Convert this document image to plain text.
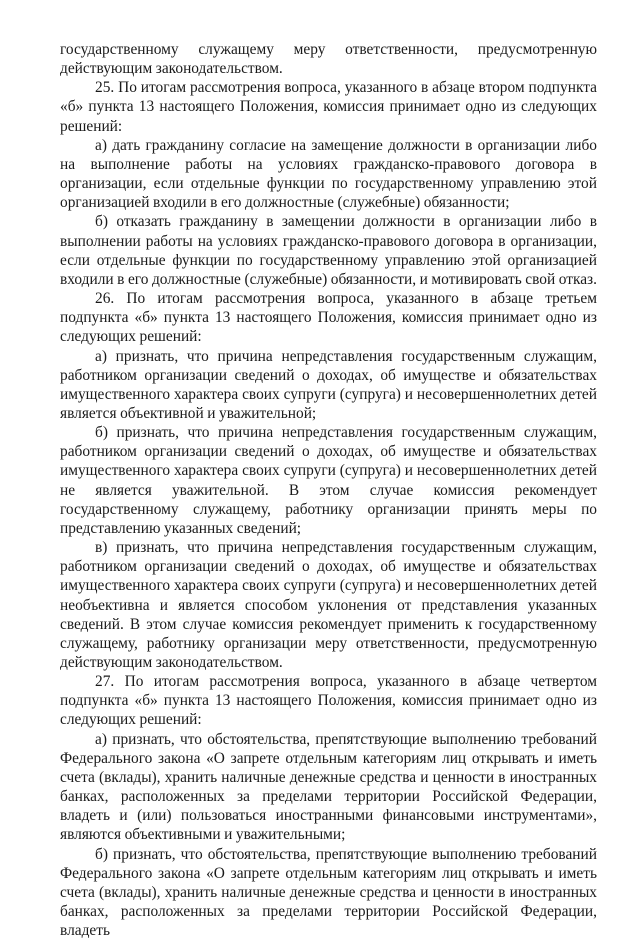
государственному служащему меру ответственности, предусмотренную действующим законодательством.

25. По итогам рассмотрения вопроса, указанного в абзаце втором подпункта «б» пункта 13 настоящего Положения, комиссия принимает одно из следующих решений:

а) дать гражданину согласие на замещение должности в организации либо на выполнение работы на условиях гражданско-правового договора в организации, если отдельные функции по государственному управлению этой организацией входили в его должностные (служебные) обязанности;

б) отказать гражданину в замещении должности в организации либо в выполнении работы на условиях гражданско-правового договора в организации, если отдельные функции по государственному управлению этой организацией входили в его должностные (служебные) обязанности, и мотивировать свой отказ.

26. По итогам рассмотрения вопроса, указанного в абзаце третьем подпункта «б» пункта 13 настоящего Положения, комиссия принимает одно из следующих решений:

а) признать, что причина непредставления государственным служащим, работником организации сведений о доходах, об имуществе и обязательствах имущественного характера своих супруги (супруга) и несовершеннолетних детей является объективной и уважительной;

б) признать, что причина непредставления государственным служащим, работником организации сведений о доходах, об имуществе и обязательствах имущественного характера своих супруги (супруга) и несовершеннолетних детей не является уважительной. В этом случае комиссия рекомендует государственному служащему, работнику организации принять меры по представлению указанных сведений;

в) признать, что причина непредставления государственным служащим, работником организации сведений о доходах, об имуществе и обязательствах имущественного характера своих супруги (супруга) и несовершеннолетних детей необъективна и является способом уклонения от представления указанных сведений. В этом случае комиссия рекомендует применить к государственному служащему, работнику организации меру ответственности, предусмотренную действующим законодательством.

27. По итогам рассмотрения вопроса, указанного в абзаце четвертом подпункта «б» пункта 13 настоящего Положения, комиссия принимает одно из следующих решений:

а) признать, что обстоятельства, препятствующие выполнению требований Федерального закона «О запрете отдельным категориям лиц открывать и иметь счета (вклады), хранить наличные денежные средства и ценности в иностранных банках, расположенных за пределами территории Российской Федерации, владеть и (или) пользоваться иностранными финансовыми инструментами», являются объективными и уважительными;

б) признать, что обстоятельства, препятствующие выполнению требований Федерального закона «О запрете отдельным категориям лиц открывать и иметь счета (вклады), хранить наличные денежные средства и ценности в иностранных банках, расположенных за пределами территории Российской Федерации, владеть
